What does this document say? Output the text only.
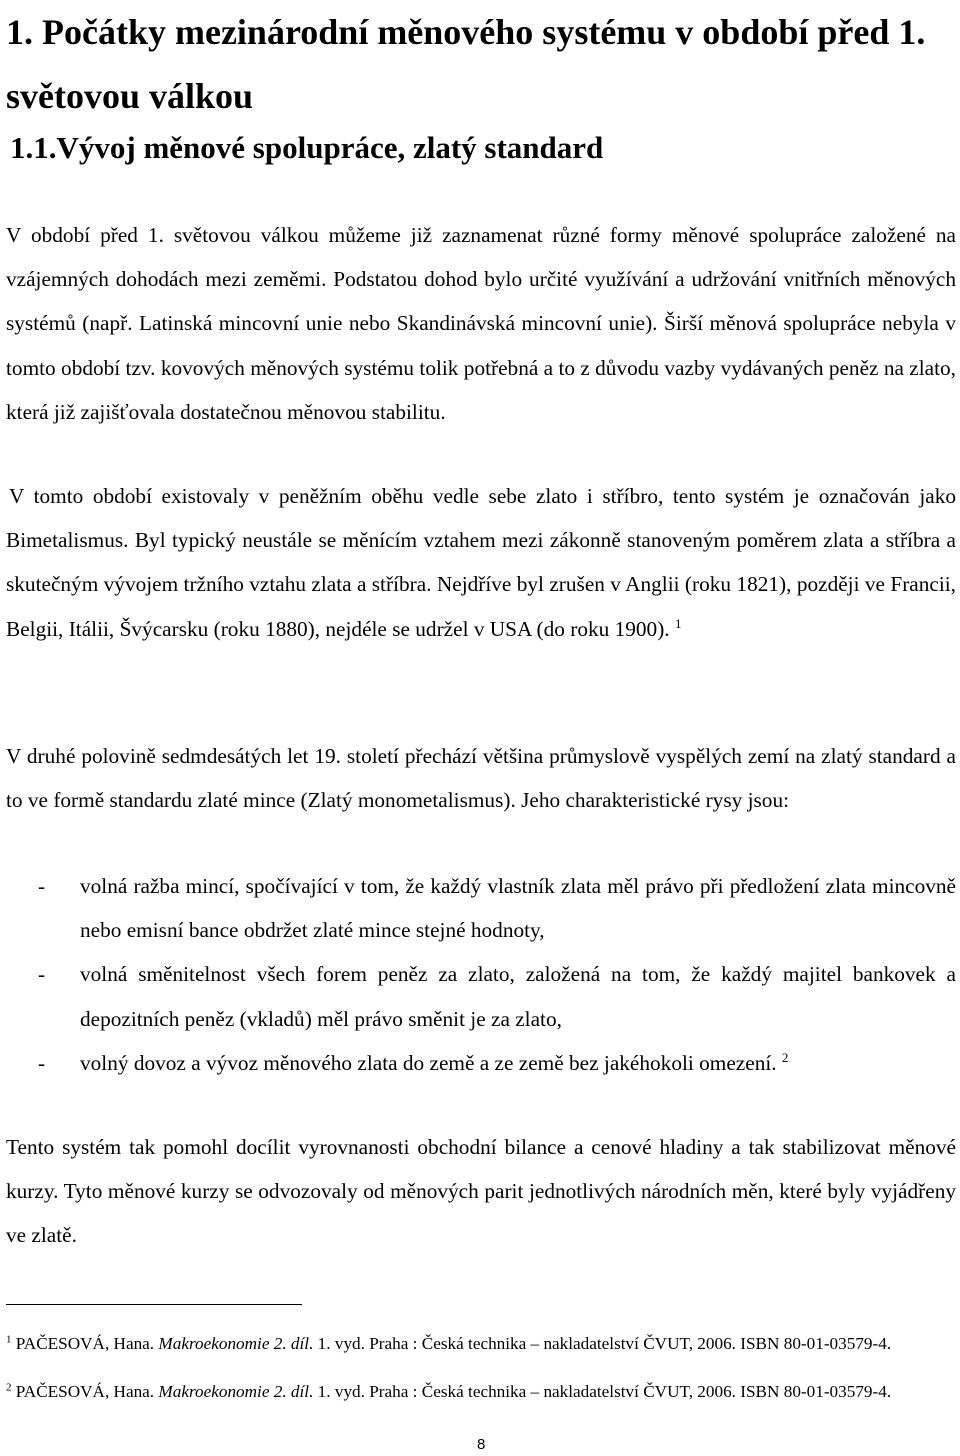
1. Počátky mezinárodní měnového systému v období před 1. světovou válkou
1.1.Vývoj měnové spolupráce, zlatý standard

V období před 1. světovou válkou můžeme již zaznamenat různé formy měnové spolupráce založené na vzájemných dohodách mezi zeměmi. Podstatou dohod bylo určité využívání a udržování vnitřních měnových systémů (např. Latinská mincovní unie nebo Skandinávská mincovní unie). Širší měnová spolupráce nebyla v tomto období tzv. kovových měnových systému tolik potřebná a to z důvodu vazby vydávaných peněz na zlato, která již zajišťovala dostatečnou měnovou stabilitu.

V tomto období existovaly v peněžním oběhu vedle sebe zlato i stříbro, tento systém je označován jako Bimetalismus. Byl typický neustále se měnícím vztahem mezi zákonně stanoveným poměrem zlata a stříbra a skutečným vývojem tržního vztahu zlata a stříbra. Nejdříve byl zrušen v Anglii (roku 1821), později ve Francii, Belgii, Itálii, Švýcarsku (roku 1880), nejdéle se udržel v USA (do roku 1900). $^1$

V druhé polovině sedmdesátých let 19. století přechází většina průmyslově vyspělých zemí na zlatý standard a to ve formě standardu zlaté mince (Zlatý monometalismus). Jeho charakteristické rysy jsou:

- volná ražba mincí, spočívající v tom, že každý vlastník zlata měl právo při předložení zlata mincovně nebo emisní bance obdržet zlaté mince stejné hodnoty,
- volná směnitelnost všech forem peněz za zlato, založená na tom, že každý majitel bankovek a depozitních peněz (vkladů) měl právo směnit je za zlato,
- volný dovoz a vývoz měnového zlata do země a ze země bez jakéhokoli omezení. $^2$

Tento systém tak pomohl docílit vyrovnanosti obchodní bilance a cenové hladiny a tak stabilizovat měnové kurzy. Tyto měnové kurzy se odvozovaly od měnových parit jednotlivých národních měn, které byly vyjádřeny ve zlatě.

$^1$ PAČESOVÁ, Hana. Makroekonomie 2. díl. 1. vyd. Praha : Česká technika – nakladatelství ČVUT, 2006. ISBN 80-01-03579-4.

$^2$ PAČESOVÁ, Hana. Makroekonomie 2. díl. 1. vyd. Praha : Česká technika – nakladatelství ČVUT, 2006. ISBN 80-01-03579-4.

8
